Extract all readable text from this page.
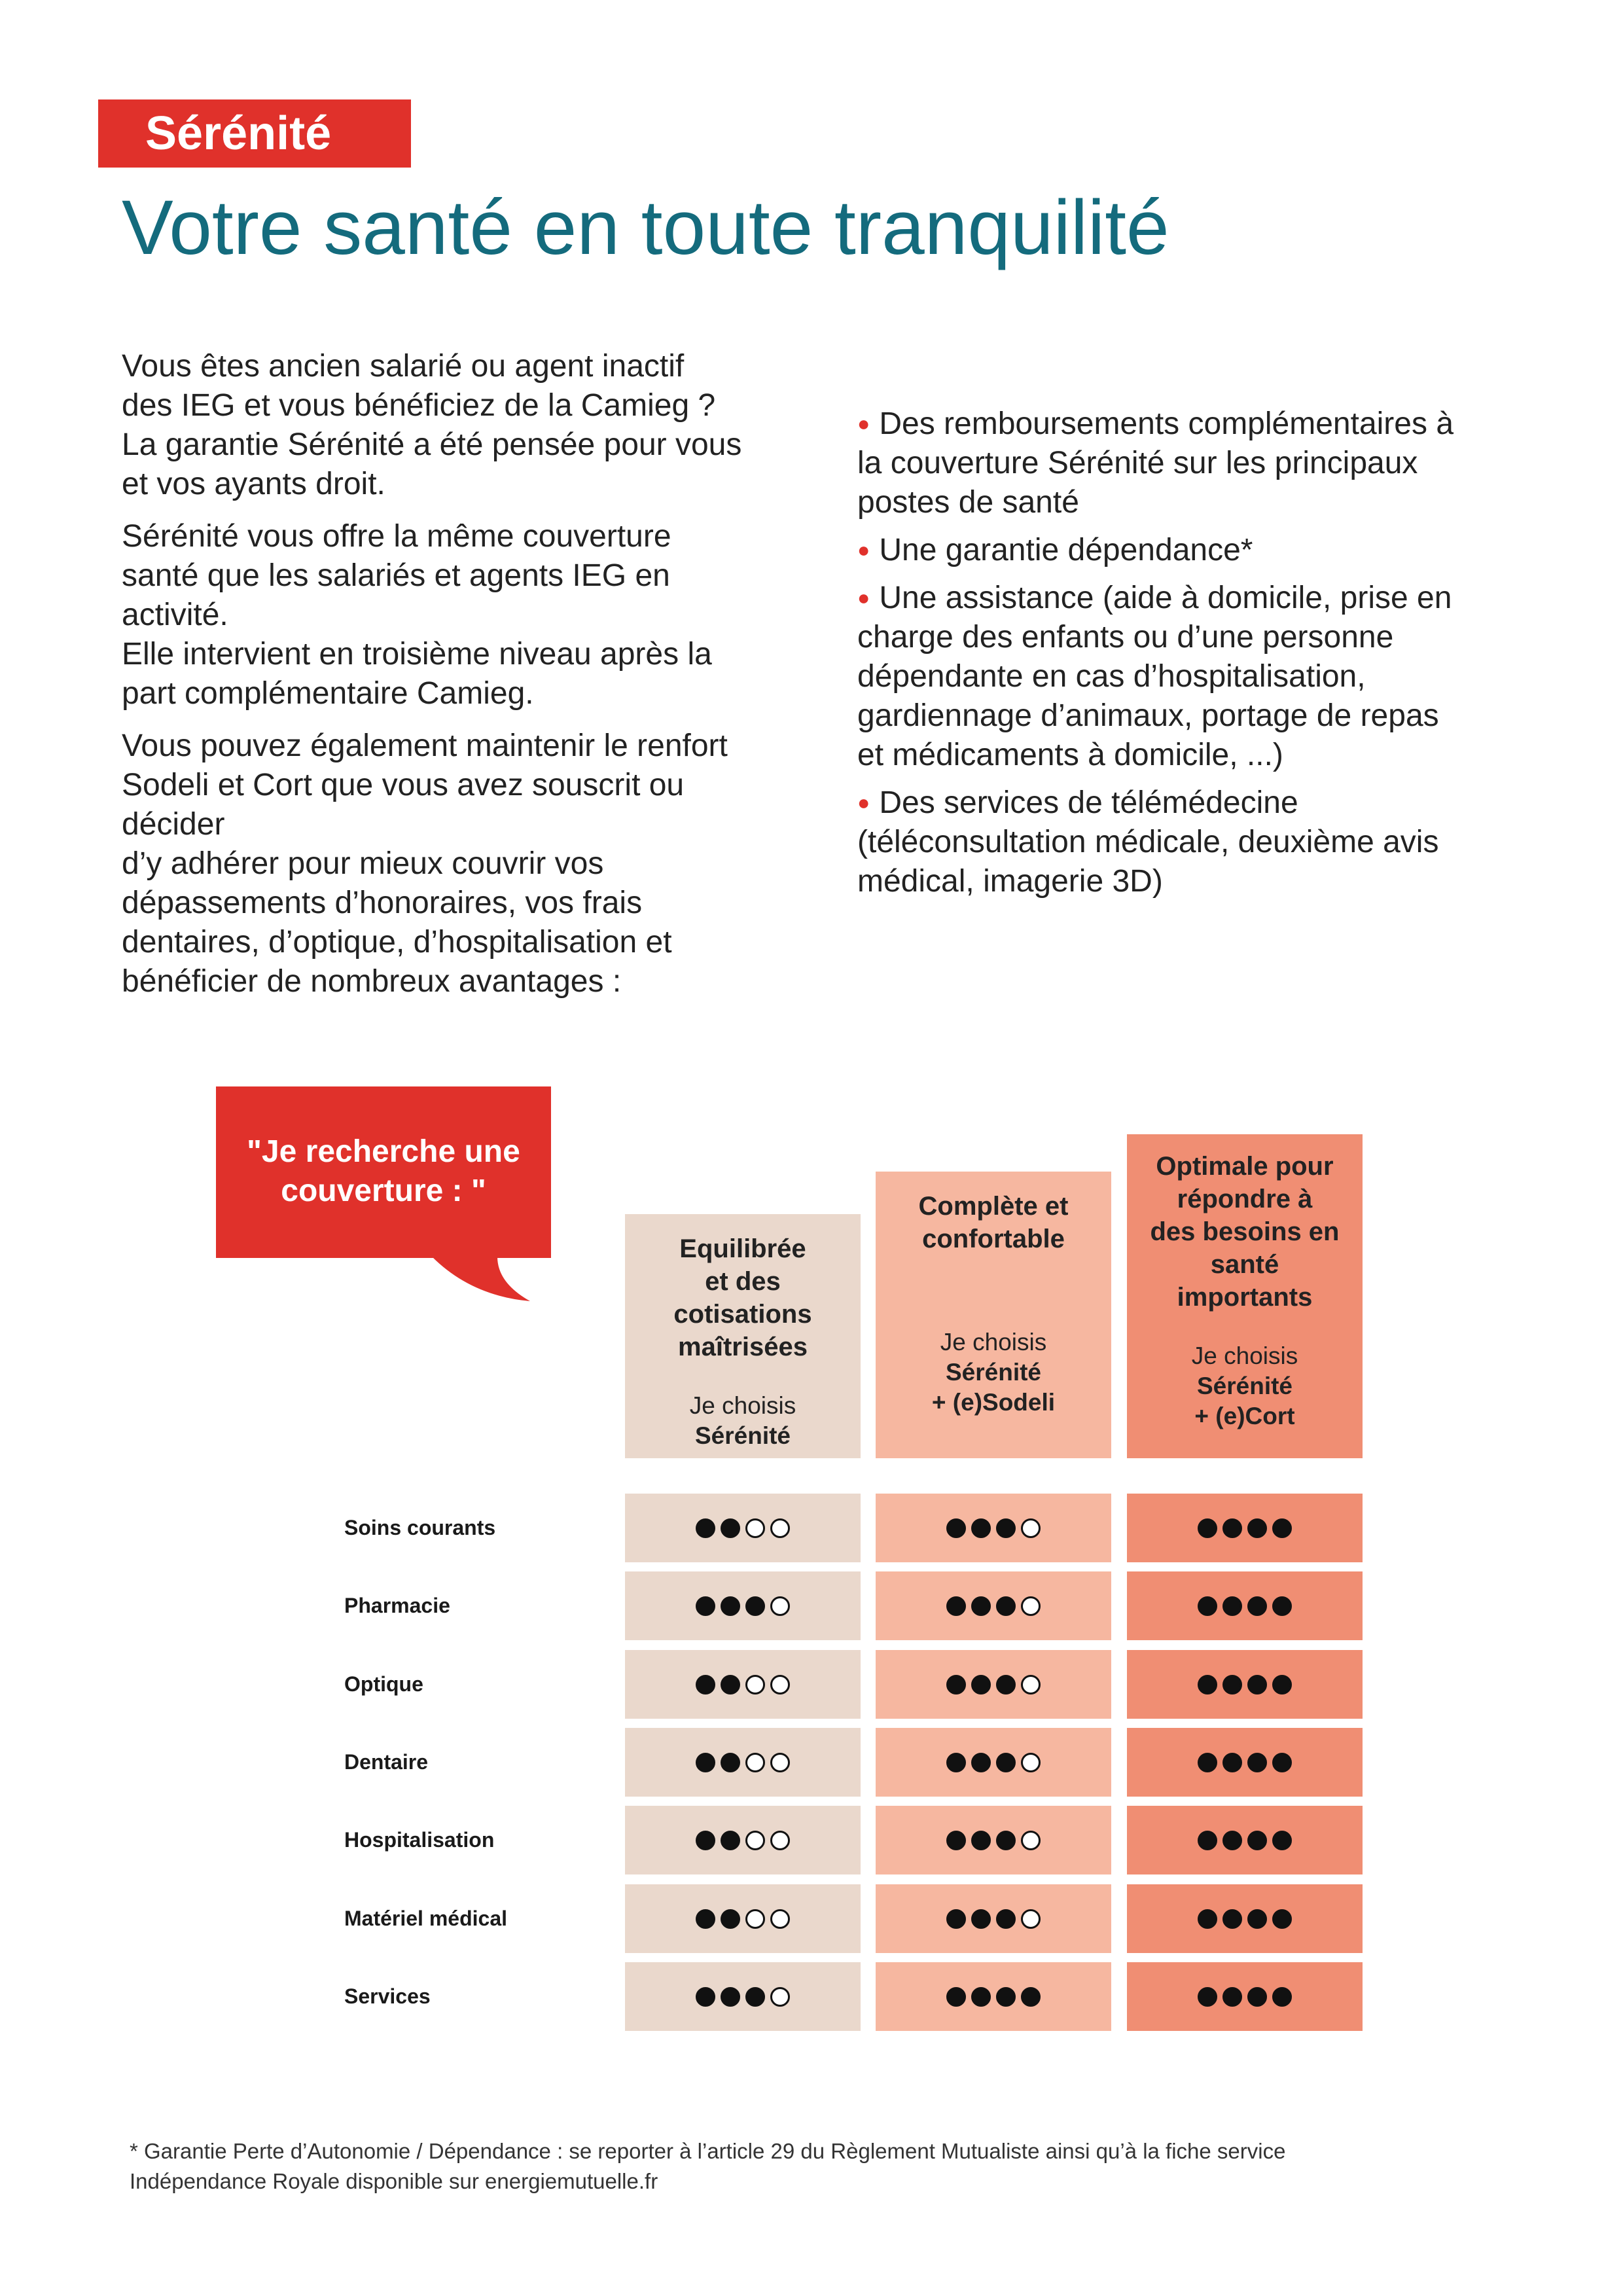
Sérénité
Votre santé en toute tranquilité

Vous êtes ancien salarié ou agent inactif
des IEG et vous bénéficiez de la Camieg ?
La garantie Sérénité a été pensée pour vous
et vos ayants droit.

Sérénité vous offre la même couverture
santé que les salariés et agents IEG en
activité.
Elle intervient en troisième niveau après la
part complémentaire Camieg.

Vous pouvez également maintenir le renfort
Sodeli et Cort que vous avez souscrit ou
décider
d’y adhérer pour mieux couvrir vos
dépassements d’honoraires, vos frais
dentaires, d’optique, d’hospitalisation et
bénéficier de nombreux avantages :

● Des remboursements complémentaires à
la couverture Sérénité sur les principaux
postes de santé

● Une garantie dépendance*

● Une assistance (aide à domicile, prise en
charge des enfants ou d’une personne
dépendante en cas d’hospitalisation,
gardiennage d’animaux, portage de repas
et médicaments à domicile, ...)

● Des services de télémédecine
(téléconsultation médicale, deuxième avis
médical, imagerie 3D)

"Je recherche une
couverture : "
Equilibrée
et des
cotisations
maîtrisées
Je choisis
Sérénité
Complète et
confortable
Je choisis
Sérénité
+ (e)Sodeli
Optimale pour
répondre à
des besoins en
santé
importants
Je choisis
Sérénité
+ (e)Cort
Soins courants
Pharmacie
Optique
Dentaire
Hospitalisation
Matériel médical
Services
* Garantie Perte d’Autonomie / Dépendance : se reporter à l’article 29 du Règlement Mutualiste ainsi qu’à la fiche service
Indépendance Royale disponible sur energiemutuelle.fr
